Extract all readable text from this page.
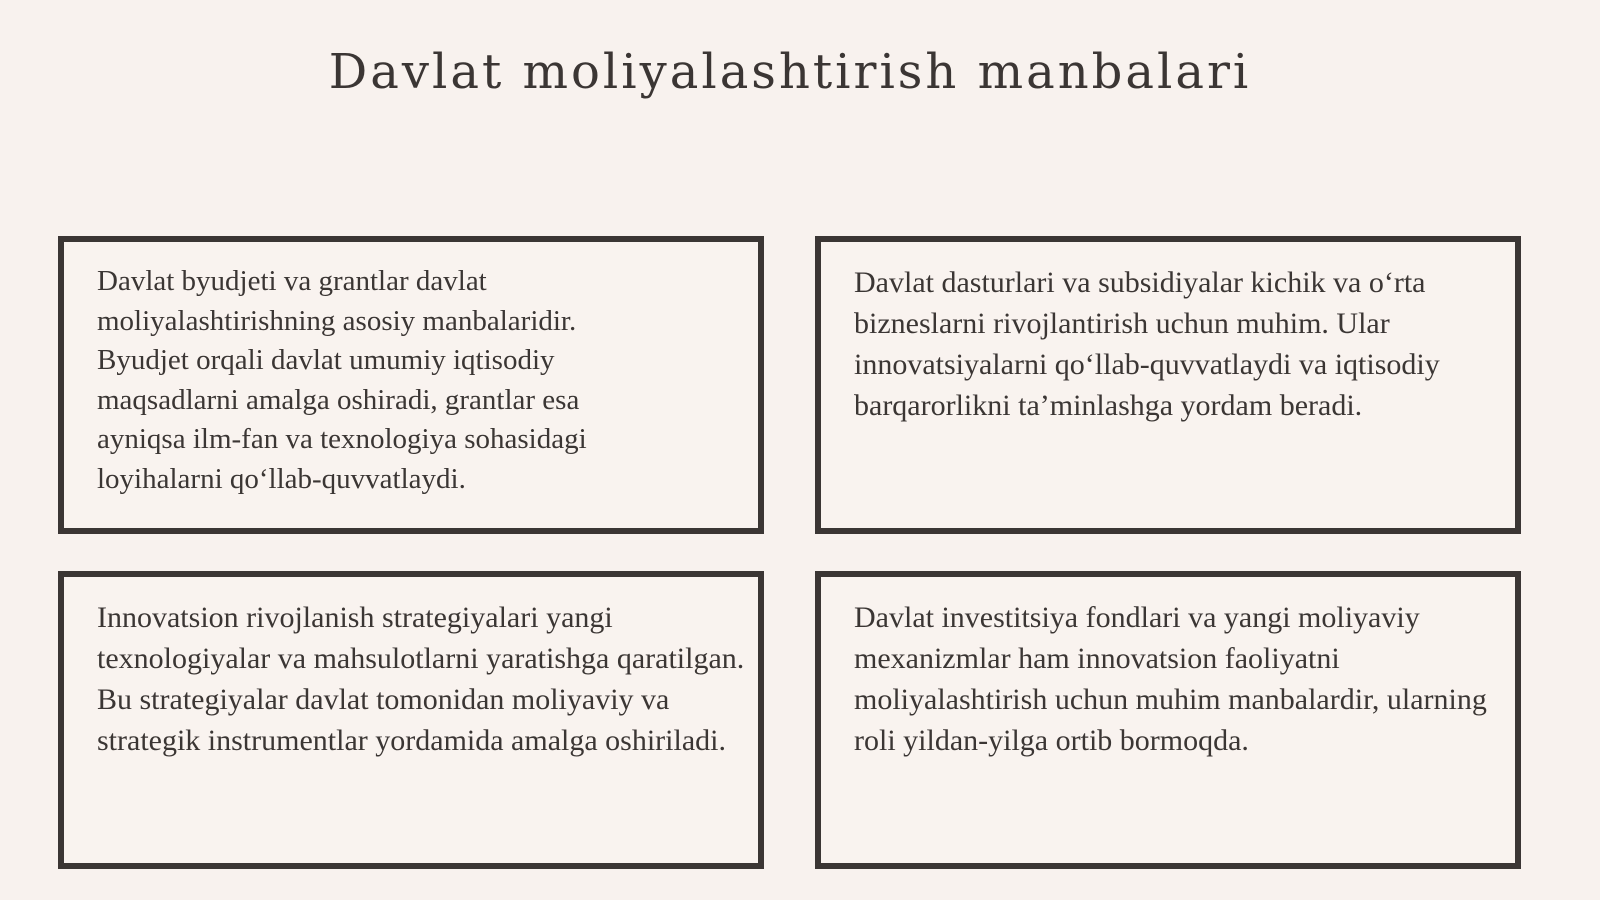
Davlat moliyalashtirish manbalari

Davlat byudjeti va grantlar davlat moliyalashtirishning asosiy manbalaridir. Byudjet orqali davlat umumiy iqtisodiy maqsadlarni amalga oshiradi, grantlar esa ayniqsa ilm-fan va texnologiya sohasidagi loyihalarni qo‘llab-quvvatlaydi.

Davlat dasturlari va subsidiyalar kichik va o‘rta bizneslarni rivojlantirish uchun muhim. Ular innovatsiyalarni qo‘llab-quvvatlaydi va iqtisodiy barqarorlikni ta’minlashga yordam beradi.

Innovatsion rivojlanish strategiyalari yangi texnologiyalar va mahsulotlarni yaratishga qaratilgan. Bu strategiyalar davlat tomonidan moliyaviy va strategik instrumentlar yordamida amalga oshiriladi.

Davlat investitsiya fondlari va yangi moliyaviy mexanizmlar ham innovatsion faoliyatni moliyalashtirish uchun muhim manbalardir, ularning roli yildan-yilga ortib bormoqda.
